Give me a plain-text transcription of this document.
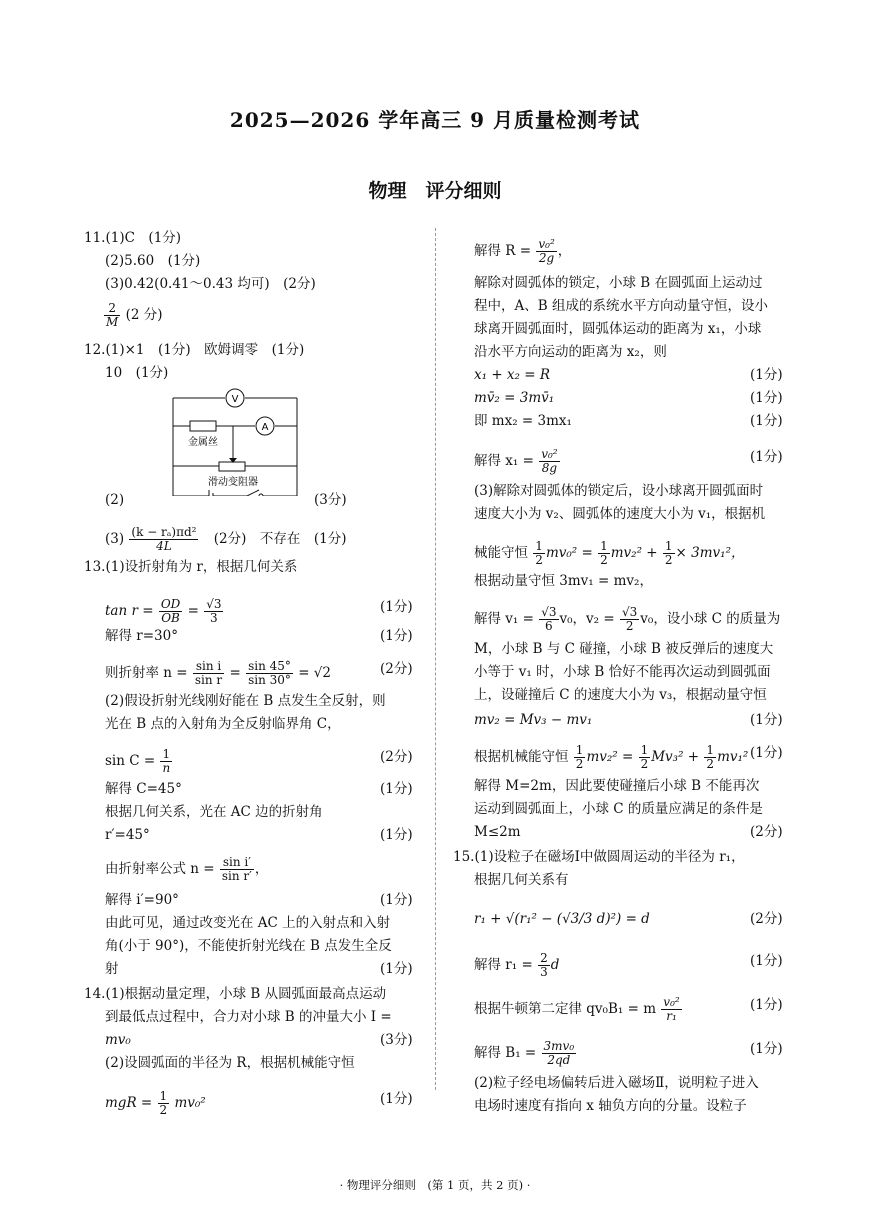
2025—2026 学年高三 9 月质量检测考试
物理　评分细则
11.(1)C　(1分)
(2)5.60　(1分)
(3)0.42(0.41～0.43 均可)　(2分)
$\frac{2}{M} (2$ 分)
12.(1)×1　(1分)　欧姆调零　(1分)
10　(1分)
V
A
金属丝
滑动变阻器
(2)	(3分)
$(3) \frac{\text{(k − rₐ)πd²}}{4L} (2$分)　不存在　(1分)
13.(1)设折射角为 r，根据几何关系
$\tan r = \frac{OD}{OB} = \frac{√3}{3}$	(1分)
解得 r=30°	(1分)
则折射率 $n = \frac{\text{sin i}}{\text{sin r}} = \frac{\sin 45^\circ}{\sin 30^\circ} = √2$	(2分)
(2)假设折射光线刚好能在 B 点发生全反射，则
光在 B 点的入射角为全反射临界角 C，
$\sin C = \frac{1}{n}$	(2分)
解得 C=45°	(1分)
根据几何关系，光在 AC 边的折射角
r′=45°	(1分)
由折射率公式 $n = \frac{\text{sin i′}}{\text{sin r′}}$ ，
解得 i′=90°	(1分)
由此可见，通过改变光在 AC 上的入射点和入射
角(小于 90°)，不能使折射光线在 B 点发生全反
射	(1分)
14.(1)根据动量定理，小球 B 从圆弧面最高点运动
到最低点过程中，合力对小球 B 的冲量大小 I =
mv₀	(3分)
(2)设圆弧面的半径为 R，根据机械能守恒
mgR = $\frac{1}{2} mv_0^2$	(1分)
解得 $R = \frac{\text{v₀²}}{2g}$ ，
解除对圆弧体的锁定，小球 B 在圆弧面上运动过
程中，A、B 组成的系统水平方向动量守恒，设小
球离开圆弧面时，圆弧体运动的距离为 x₁，小球
沿水平方向运动的距离为 x₂，则
x₁ + x₂ = R	(1分)
mv̄₂ = 3mv̄₁	(1分)
即 mx₂ = 3mx₁	(1分)
解得 $x_1 = \frac{\text{v₀²}}{8g}$	(1分)
(3)解除对圆弧体的锁定后，设小球离开圆弧面时
速度大小为 v₂、圆弧体的速度大小为 v₁，根据机
械能守恒 $\frac{1}{2} mv_0^2 = \frac{1}{2} mv_2^2 + \frac{1}{2} \times 3mv_1^2$，
根据动量守恒 3mv₁ = mv₂，
解得 $v_1 = \frac{√3}{6} v_0$，$v_2 = \frac{√3}{2} v_0$，设小球 C 的质量为
M，小球 B 与 C 碰撞，小球 B 被反弹后的速度大
小等于 v₁ 时，小球 B 恰好不能再次运动到圆弧面
上，设碰撞后 C 的速度大小为 v₃，根据动量守恒
mv₂ = Mv₃ − mv₁	(1分)
根据机械能守恒 $\frac{1}{2} mv_2^2 = \frac{1}{2} Mv_3^2 + \frac{1}{2} mv_1^2$ (1分)
解得 M=2m，因此要使碰撞后小球 B 不能再次
运动到圆弧面上，小球 C 的质量应满足的条件是
M≤2m	(2分)
15.(1)设粒子在磁场Ⅰ中做圆周运动的半径为 r₁，
根据几何关系有
r₁ + √(r₁² − (√3/3 d)²) = d	(2分)
解得 $r_1 = \frac{2}{3}$ d	(1分)
根据牛顿第二定律 qv₀B₁ = m $\frac{\text{v₀²}}{\text{r₁}}$	(1分)
解得 $B_1 = \frac{\text{3mv₀}}{2qd}$	(1分)
(2)粒子经电场偏转后进入磁场Ⅱ，说明粒子进入
电场时速度有指向 x 轴负方向的分量。设粒子
· 物理评分细则　(第 1 页，共 2 页) ·
